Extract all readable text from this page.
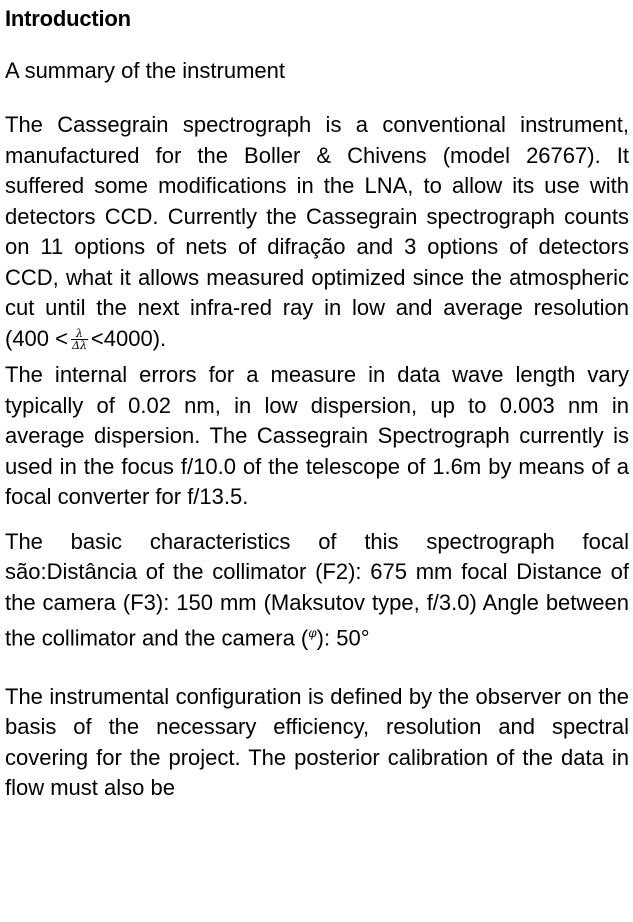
Introduction
A summary of the instrument

The Cassegrain spectrograph is a conventional instrument, manufactured for the Boller & Chivens (model 26767). It suffered some modifications in the LNA, to allow its use with detectors CCD. Currently the Cassegrain spectrograph counts on 11 options of nets of difração and 3 options of detectors CCD, what it allows measured optimized since the atmospheric cut until the next infra-red ray in low and average resolution $(400 < \frac{\lambda}{\Delta\lambda} <4000)$.

The internal errors for a measure in data wave length vary typically of 0.02 nm, in low dispersion, up to 0.003 nm in average dispersion. The Cassegrain Spectrograph currently is used in the focus f/10.0 of the telescope of 1.6m by means of a focal converter for f/13.5.

The basic characteristics of this spectrograph focal são:Distância of the collimator (F2): 675 mm focal Distance of the camera (F3): 150 mm (Maksutov type, f/3.0) Angle between the collimator and the camera ($^\varphi$): 50°

The instrumental configuration is defined by the observer on the basis of the necessary efficiency, resolution and spectral covering for the project. The posterior calibration of the data in flow must also be
